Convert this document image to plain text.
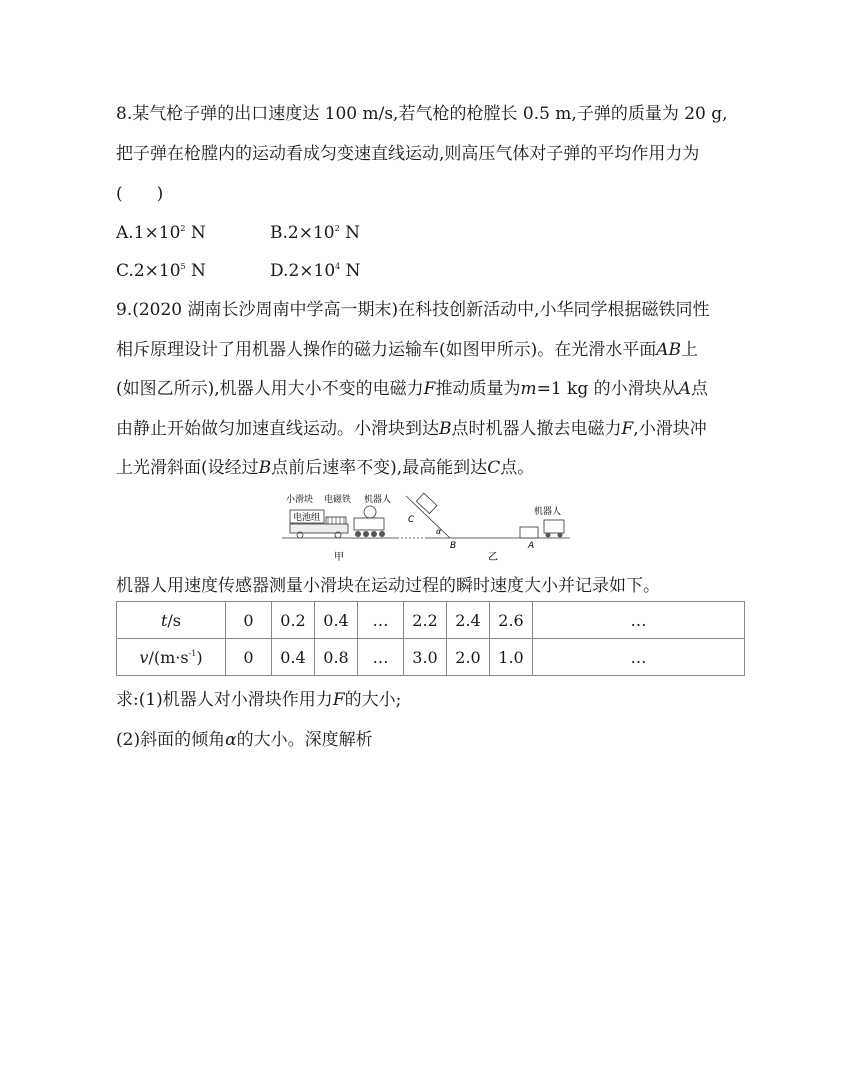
8.某气枪子弹的出口速度达 100 m/s,若气枪的枪膛长 0.5 m,子弹的质量为 20 g,
把子弹在枪膛内的运动看成匀变速直线运动,则高压气体对子弹的平均作用力为
(　　)
$A.1\times 10^2$ N	$B.2\times 10^2$ N
$C.2\times 10^5$ N	$D.2\times 10^4$ N
9.(2020 湖南长沙周南中学高一期末)在科技创新活动中,小华同学根据磁铁同性
相斥原理设计了用机器人操作的磁力运输车(如图甲所示)。在光滑水平面AB上
(如图乙所示),机器人用大小不变的电磁力F推动质量为m=1 kg 的小滑块从A点
由静止开始做匀加速直线运动。小滑块到达B点时机器人撤去电磁力F,小滑块冲
上光滑斜面(设经过B点前后速率不变),最高能到达C点。
小滑块 电磁铁 机器人
电池组
甲
C
α
B
机器人
A
乙
机器人用速度传感器测量小滑块在运动过程的瞬时速度大小并记录如下。
t/s	0	0.2	0.4	…	2.2	2.4	2.6	…
$v/(m\cdot s^{-1})$	0	0.4	0.8	…	3.0	2.0	1.0	…
求:(1)机器人对小滑块作用力F的大小;
(2)斜面的倾角α的大小。深度解析
